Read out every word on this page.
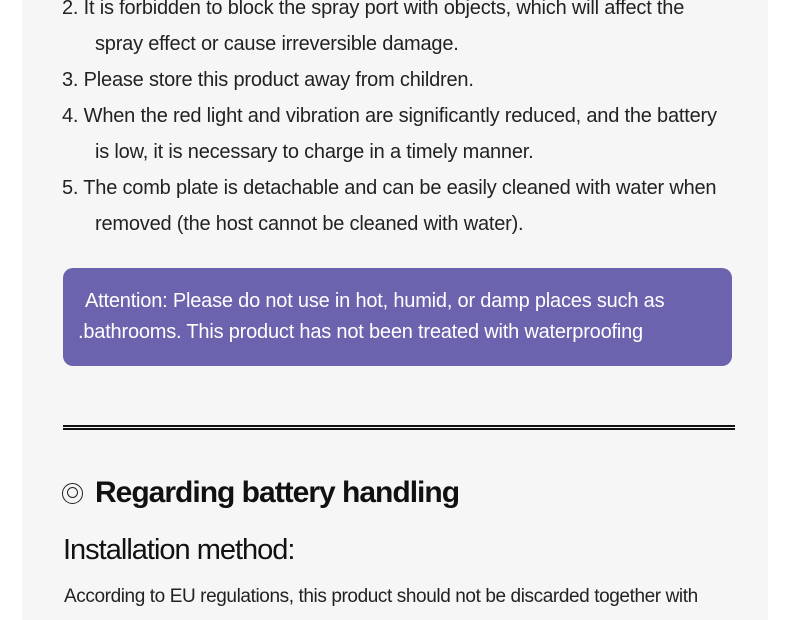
2. It is forbidden to block the spray port with objects, which will affect the
spray effect or cause irreversible damage.
3. Please store this product away from children.
4. When the red light and vibration are significantly reduced, and the battery
is low, it is necessary to charge in a timely manner.
5. The comb plate is detachable and can be easily cleaned with water when
removed (the host cannot be cleaned with water).
Attention: Please do not use in hot, humid, or damp places such as
.bathrooms. This product has not been treated with waterproofing
Regarding battery handling
Installation method:
According to EU regulations, this product should not be discarded together with
